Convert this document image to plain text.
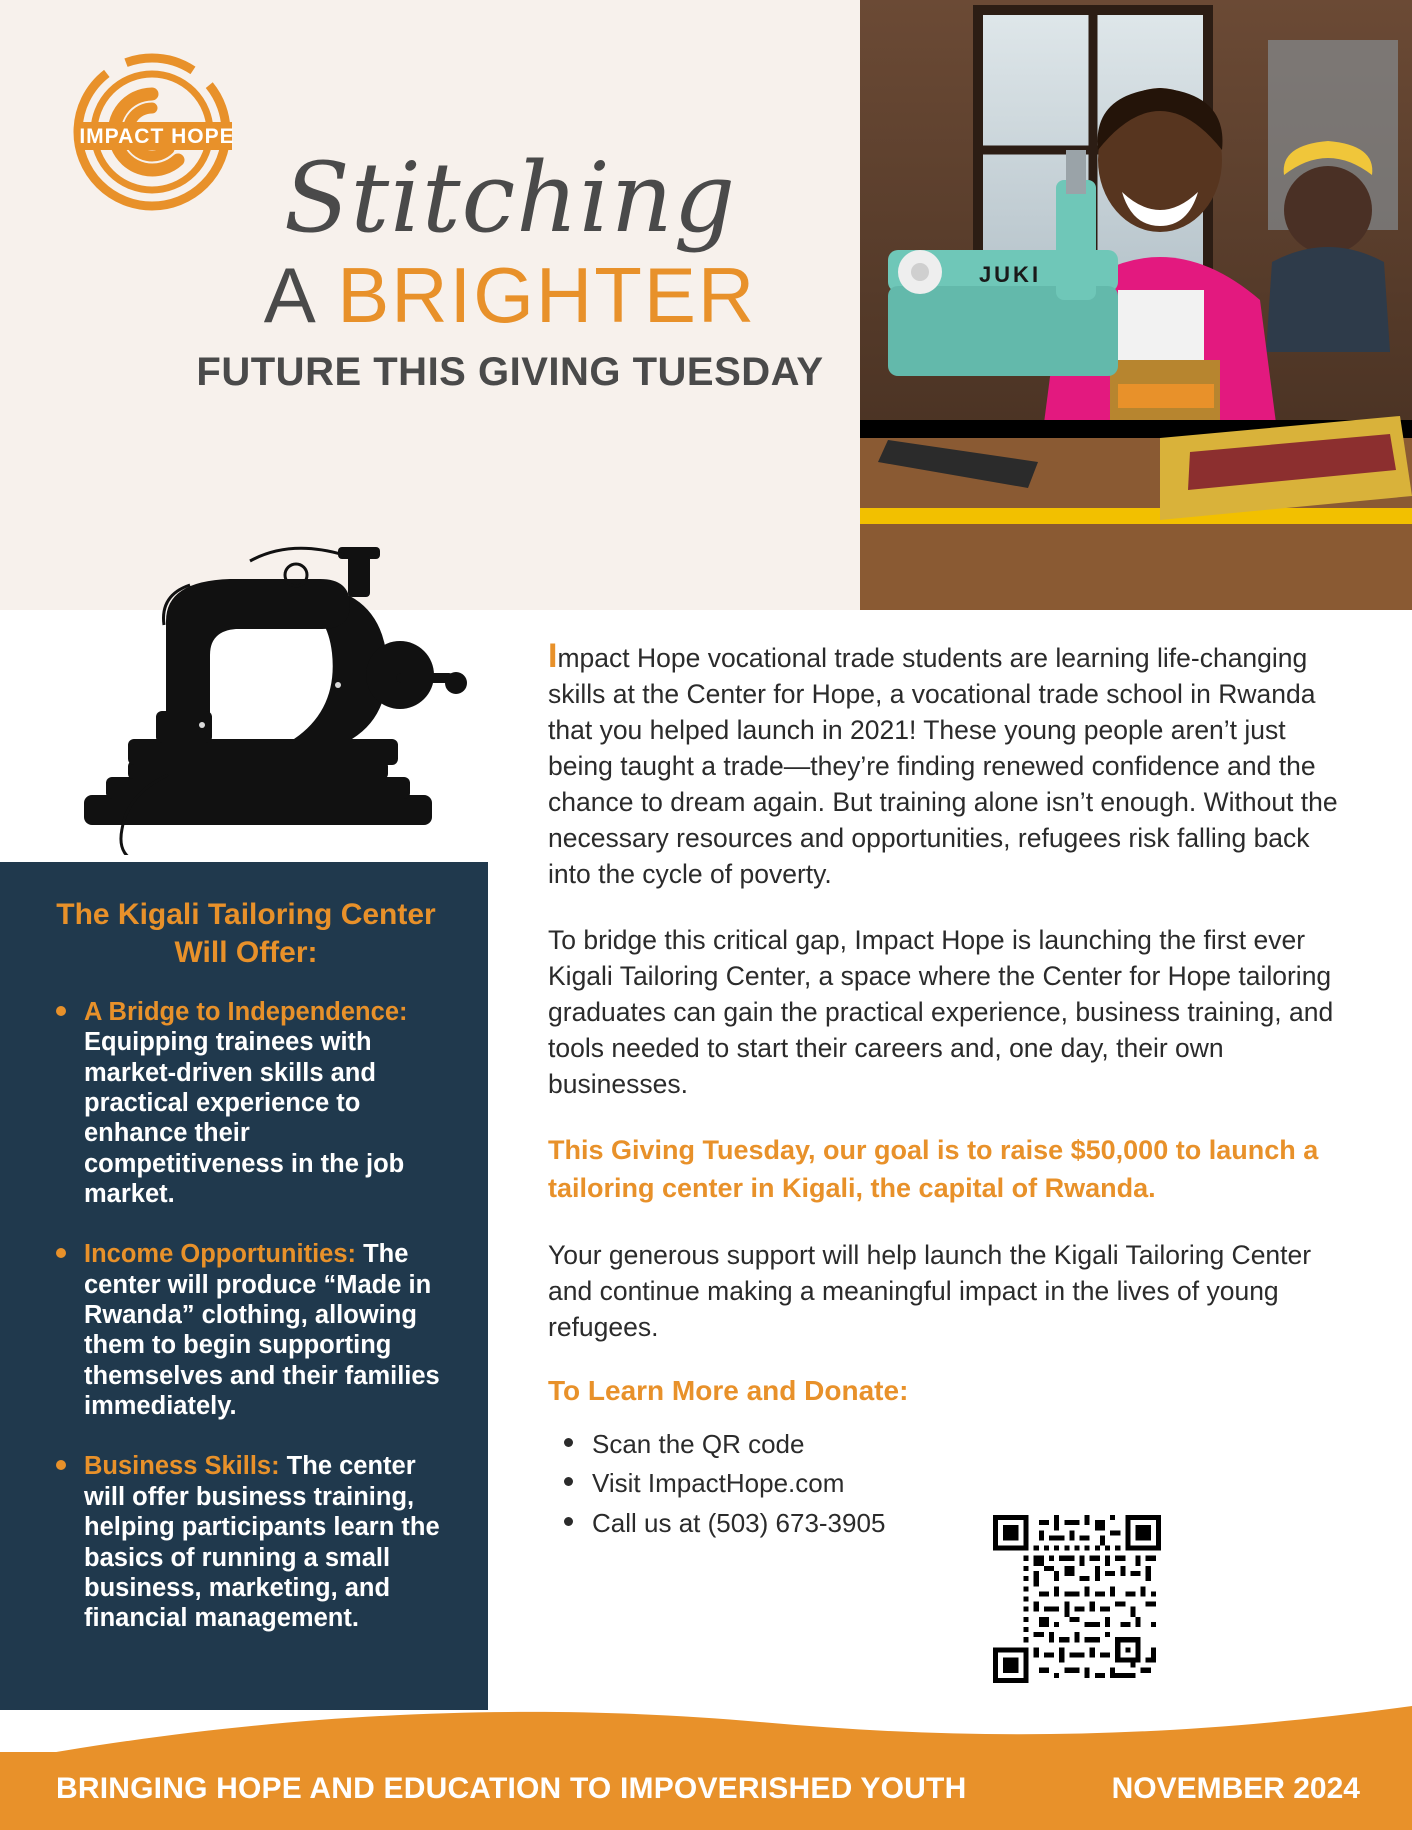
IMPACT HOPE
Stitching
A BRIGHTER
FUTURE THIS GIVING TUESDAY
JUKI
The Kigali Tailoring Center Will Offer:
A Bridge to Independence: Equipping trainees with market-driven skills and practical experience to enhance their competitiveness in the job market.
Income Opportunities: The center will produce “Made in Rwanda” clothing, allowing them to begin supporting themselves and their families immediately.
Business Skills: The center will offer business training, helping participants learn the basics of running a small business, marketing, and financial management.

Impact Hope vocational trade students are learning life-changing skills at the Center for Hope, a vocational trade school in Rwanda that you helped launch in 2021! These young people aren’t just being taught a trade—they’re finding renewed confidence and the chance to dream again. But training alone isn’t enough. Without the necessary resources and opportunities, refugees risk falling back into the cycle of poverty.

To bridge this critical gap, Impact Hope is launching the first ever Kigali Tailoring Center, a space where the Center for Hope tailoring graduates can gain the practical experience, business training, and tools needed to start their careers and, one day, their own businesses.

This Giving Tuesday, our goal is to raise $50,000 to launch a tailoring center in Kigali, the capital of Rwanda.

Your generous support will help launch the Kigali Tailoring Center and continue making a meaningful impact in the lives of young refugees.

To Learn More and Donate:

Scan the QR code
Visit ImpactHope.com
Call us at (503) 673-3905
BRINGING HOPE AND EDUCATION TO IMPOVERISHED YOUTH	NOVEMBER 2024
